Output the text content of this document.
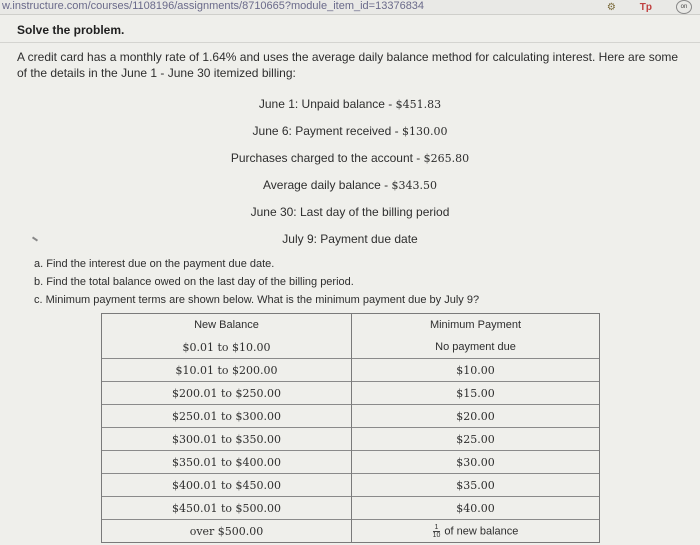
w.instructure.com/courses/1108196/assignments/8710665?module_item_id=13376834	⚙ Tp	on
Solve the problem.
A credit card has a monthly rate of 1.64% and uses the average daily balance method for calculating interest. Here are some of the details in the June 1 - June 30 itemized billing:
June 1: Unpaid balance - $451.83
June 6: Payment received - $130.00
Purchases charged to the account - $265.80
Average daily balance - $343.50
June 30: Last day of the billing period
July 9: Payment due date
a. Find the interest due on the payment due date.
b. Find the total balance owed on the last day of the billing period.
c. Minimum payment terms are shown below. What is the minimum payment due by July 9?
New Balance	Minimum Payment
$0.01 to $10.00	No payment due
$10.01 to $200.00	$10.00
$200.01 to $250.00	$15.00
$250.01 to $300.00	$20.00
$300.01 to $350.00	$25.00
$350.01 to $400.00	$30.00
$400.01 to $450.00	$35.00
$450.01 to $500.00	$40.00
over $500.00	$\frac{1}{10}$ of new balance
